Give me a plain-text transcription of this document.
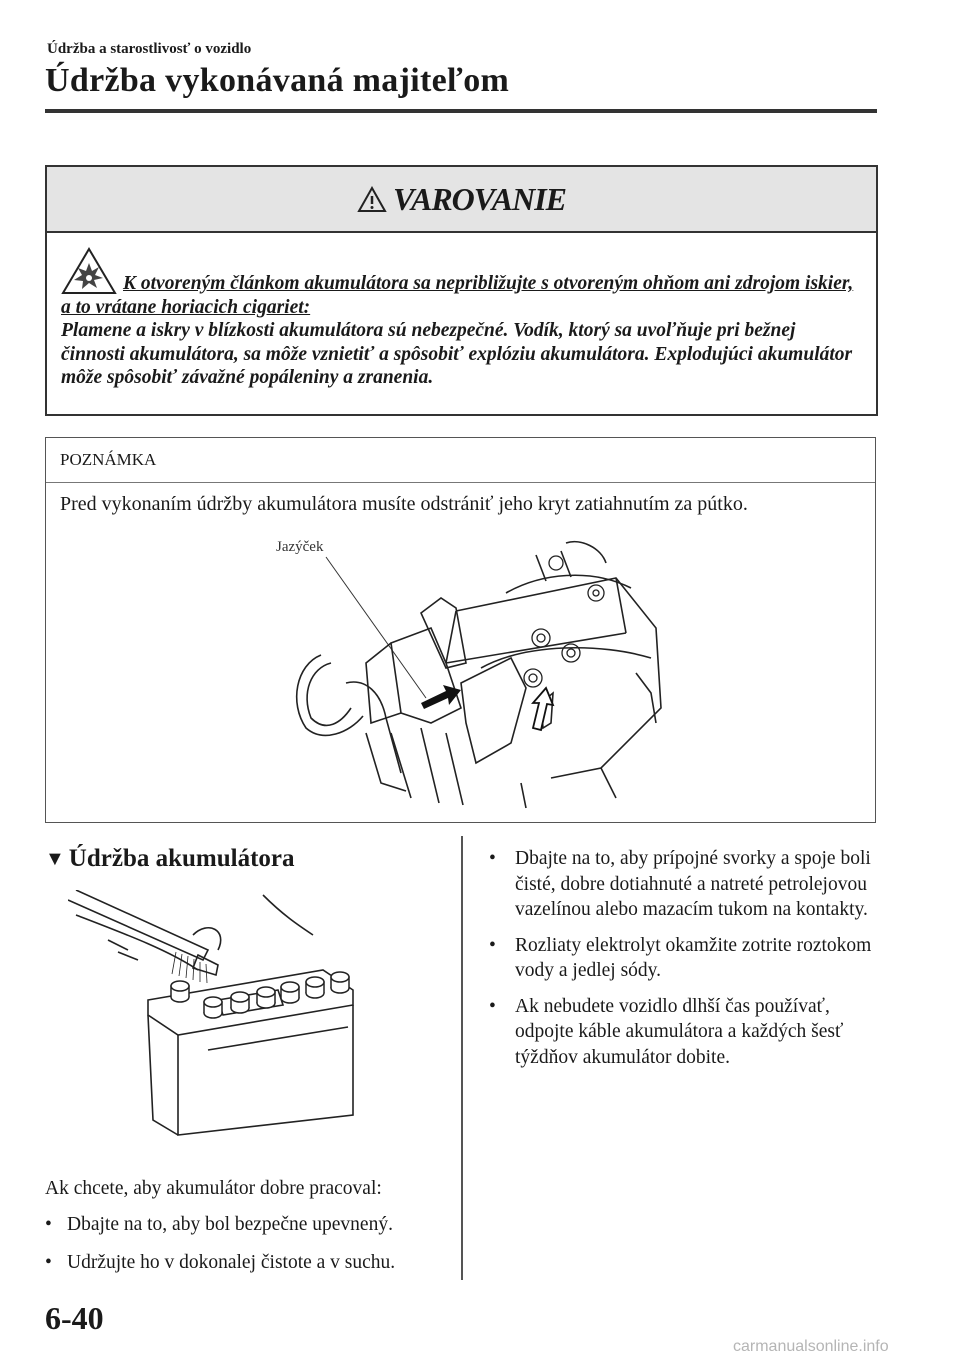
Údržba a starostlivosť o vozidlo
Údržba vykonávaná majiteľom
VAROVANIE
K otvoreným článkom akumulátora sa nepribližujte s otvoreným ohňom ani zdrojom iskier, a to vrátane horiacich cigariet:
Plamene a iskry v blízkosti akumulátora sú nebezpečné. Vodík, ktorý sa uvoľňuje pri bežnej činnosti akumulátora, sa môže vznietiť a spôsobiť explóziu akumulátora. Explodujúci akumulátor môže spôsobiť závažné popáleniny a zranenia.
POZNÁMKA
Pred vykonaním údržby akumulátora musíte odstrániť jeho kryt zatiahnutím za pútko.
Jazýček
▼ Údržba akumulátora
Ak chcete, aby akumulátor dobre pracoval:
• Dbajte na to, aby bol bezpečne upevnený.
• Udržujte ho v dokonalej čistote a v suchu.
• Dbajte na to, aby prípojné svorky a spoje boli čisté, dobre dotiahnuté a natreté petrolejovou vazelínou alebo mazacím tukom na kontakty.
• Rozliaty elektrolyt okamžite zotrite roztokom vody a jedlej sódy.
• Ak nebudete vozidlo dlhší čas používať, odpojte káble akumulátora a každých šesť týždňov akumulátor dobite.
6-40
carmanualsonline.info
